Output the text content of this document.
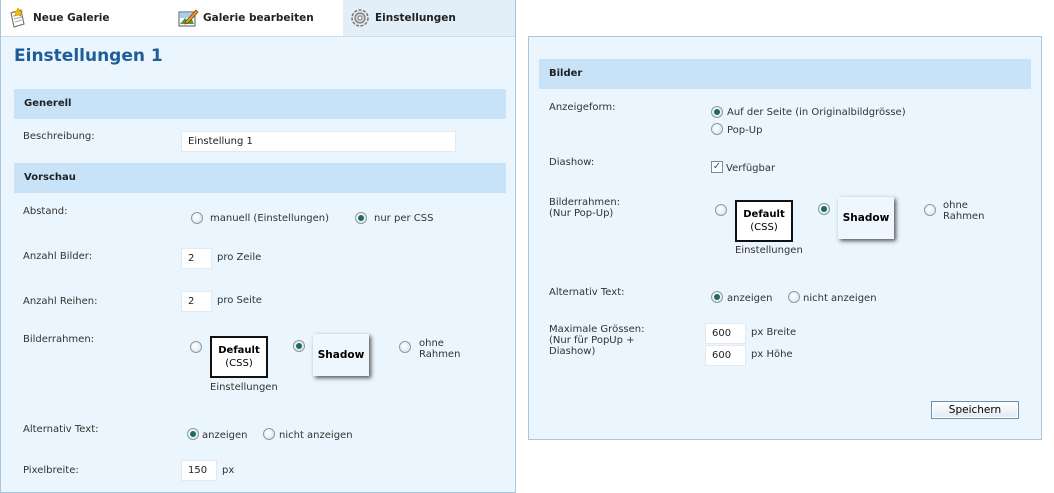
Neue Galerie	Galerie bearbeiten	Einstellungen
Einstellungen 1
Generell
Beschreibung:	Einstellung 1
Vorschau
Abstand:
manuell (Einstellungen)	nur per CSS
Anzahl Bilder:	2	pro Zeile
Anzahl Reihen:	2	pro Seite
Bilderrahmen:
Default
(CSS)
Einstellungen
Shadow
ohne
Rahmen
Alternativ Text:
anzeigen	nicht anzeigen
Pixelbreite:	150	px
Bilder
Anzeigeform:	Auf der Seite (in Originalbildgrösse)
Pop-Up
Diashow:	✓ Verfügbar
Bilderrahmen:
(Nur Pop-Up)	Default
(CSS)
Einstellungen
Shadow
ohne
Rahmen
Alternativ Text:
anzeigen	nicht anzeigen
Maximale Grössen:
(Nur für PopUp +
Diashow)
600	px Breite
600	px Höhe
Speichern
